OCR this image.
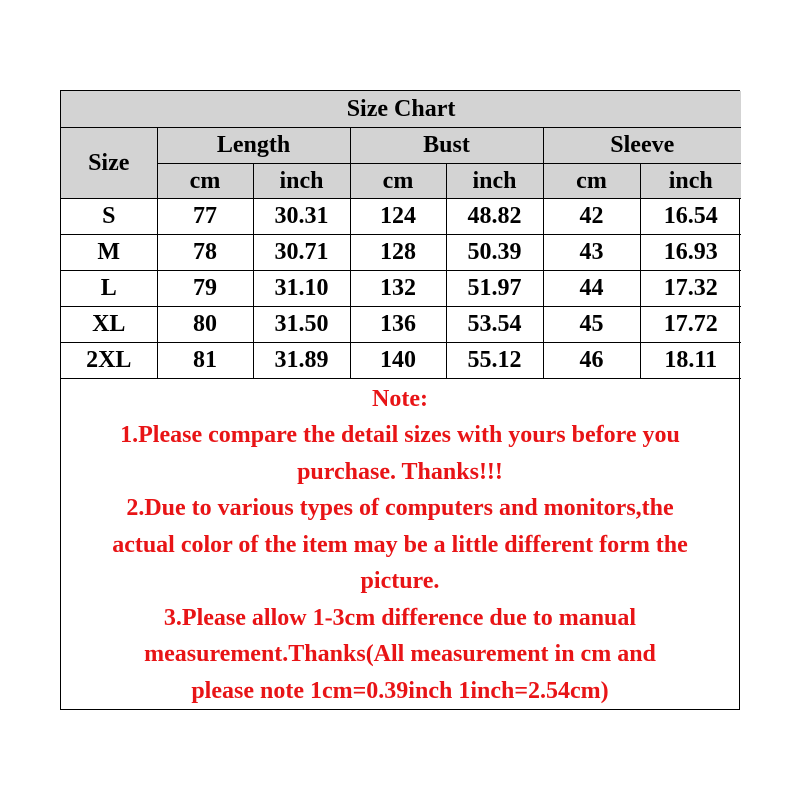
Size Chart						
Size	Length		Bust		Sleeve	
	cm	inch	cm	inch	cm	inch
S	77	30.31	124	48.82	42	16.54
M	78	30.71	128	50.39	43	16.93
L	79	31.10	132	51.97	44	17.32
XL	80	31.50	136	53.54	45	17.72
2XL	81	31.89	140	55.12	46	18.11
Note:
1.Please compare the detail sizes with yours before you
purchase. Thanks!!!
2.Due to various types of computers and monitors,the
actual color of the item may be a little different form the
picture.
3.Please allow 1-3cm difference due to manual
measurement.Thanks(All measurement in cm and
please note 1cm=0.39inch 1inch=2.54cm)
